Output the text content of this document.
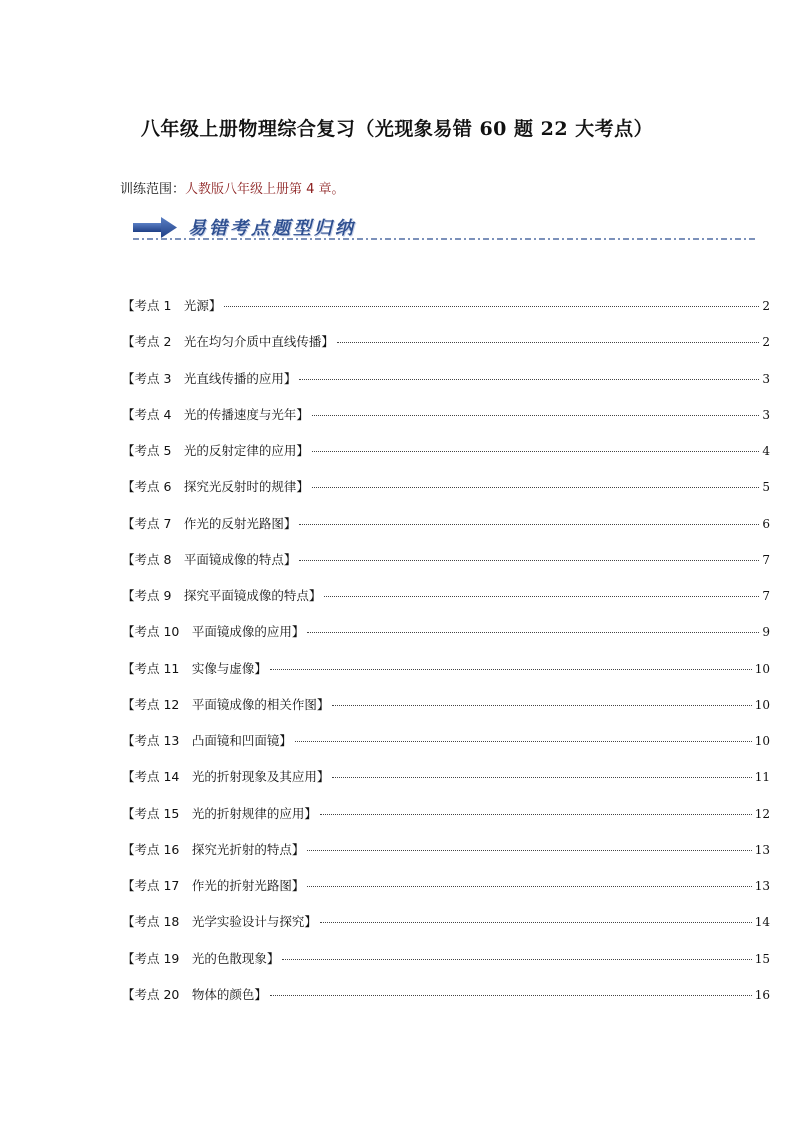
八年级上册物理综合复习（光现象易错 60 题 22 大考点）
训练范围：人教版八年级上册第 4 章。
易错考点题型归纳
【考点 1　光源】	2
【考点 2　光在均匀介质中直线传播】	2
【考点 3　光直线传播的应用】	3
【考点 4　光的传播速度与光年】	3
【考点 5　光的反射定律的应用】	4
【考点 6　探究光反射时的规律】	5
【考点 7　作光的反射光路图】	6
【考点 8　平面镜成像的特点】	7
【考点 9　探究平面镜成像的特点】	7
【考点 10　平面镜成像的应用】	9
【考点 11　实像与虚像】	10
【考点 12　平面镜成像的相关作图】	10
【考点 13　凸面镜和凹面镜】	10
【考点 14　光的折射现象及其应用】	11
【考点 15　光的折射规律的应用】	12
【考点 16　探究光折射的特点】	13
【考点 17　作光的折射光路图】	13
【考点 18　光学实验设计与探究】	14
【考点 19　光的色散现象】	15
【考点 20　物体的颜色】	16
